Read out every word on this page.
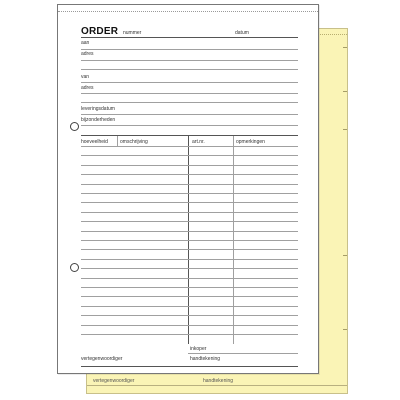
vertegenwoordiger	handtekening
ORDER nummer	datum
aan
adres
van
adres
leveringsdatum
bijzonderheden
hoeveelheid omschrijving	art.nr.	opmerkingen
inkoper
vertegenwoordiger	handtekening
